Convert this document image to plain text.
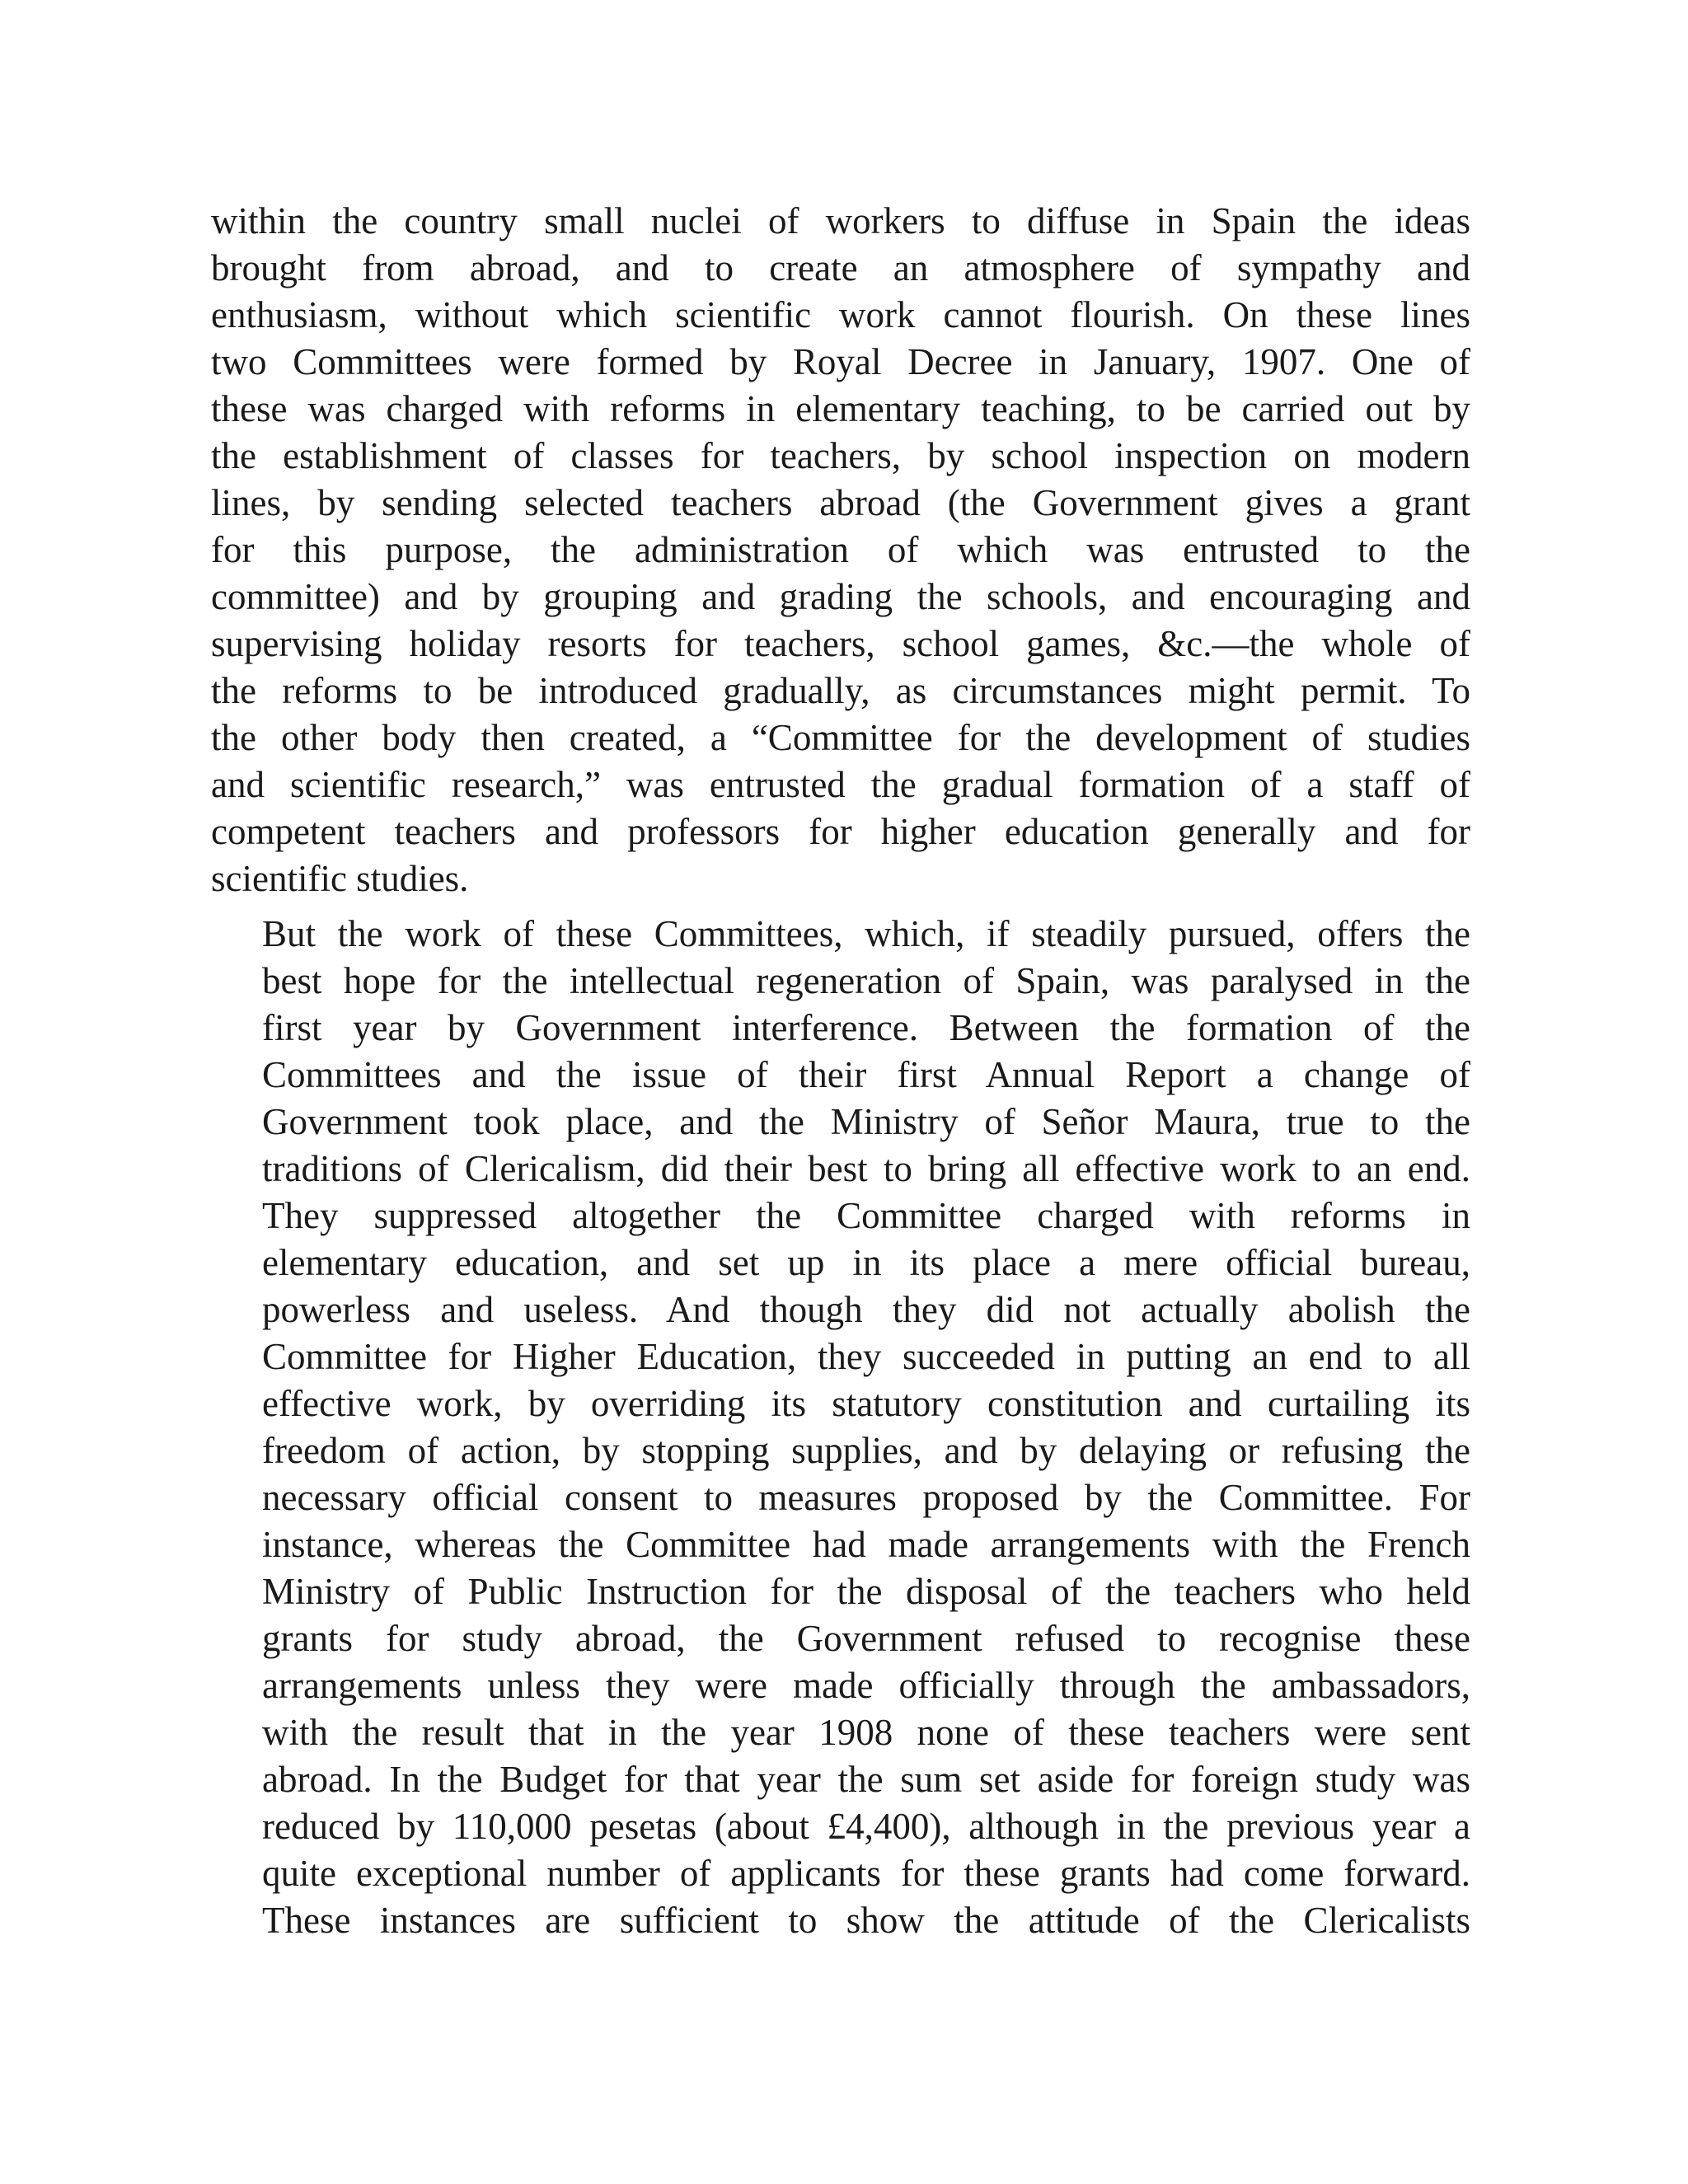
within the country small nuclei of workers to diffuse in Spain the ideas
brought from abroad, and to create an atmosphere of sympathy and
enthusiasm, without which scientific work cannot flourish. On these lines
two Committees were formed by Royal Decree in January, 1907. One of
these was charged with reforms in elementary teaching, to be carried out by
the establishment of classes for teachers, by school inspection on modern
lines, by sending selected teachers abroad (the Government gives a grant
for this purpose, the administration of which was entrusted to the
committee) and by grouping and grading the schools, and encouraging and
supervising holiday resorts for teachers, school games, &c.—the whole of
the reforms to be introduced gradually, as circumstances might permit. To
the other body then created, a “Committee for the development of studies
and scientific research,” was entrusted the gradual formation of a staff of
competent teachers and professors for higher education generally and for
scientific studies.
But the work of these Committees, which, if steadily pursued, offers the
best hope for the intellectual regeneration of Spain, was paralysed in the
first year by Government interference. Between the formation of the
Committees and the issue of their first Annual Report a change of
Government took place, and the Ministry of Señor Maura, true to the
traditions of Clericalism, did their best to bring all effective work to an end.
They suppressed altogether the Committee charged with reforms in
elementary education, and set up in its place a mere official bureau,
powerless and useless. And though they did not actually abolish the
Committee for Higher Education, they succeeded in putting an end to all
effective work, by overriding its statutory constitution and curtailing its
freedom of action, by stopping supplies, and by delaying or refusing the
necessary official consent to measures proposed by the Committee. For
instance, whereas the Committee had made arrangements with the French
Ministry of Public Instruction for the disposal of the teachers who held
grants for study abroad, the Government refused to recognise these
arrangements unless they were made officially through the ambassadors,
with the result that in the year 1908 none of these teachers were sent
abroad. In the Budget for that year the sum set aside for foreign study was
reduced by 110,000 pesetas (about £4,400), although in the previous year a
quite exceptional number of applicants for these grants had come forward.
These instances are sufficient to show the attitude of the Clericalists
